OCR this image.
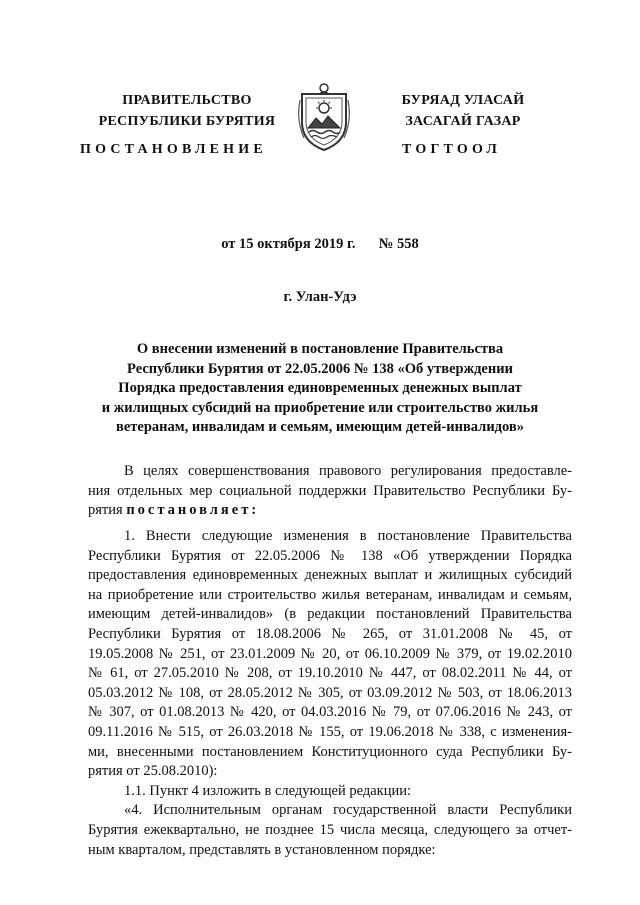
ПРАВИТЕЛЬСТВО
РЕСПУБЛИКИ БУРЯТИЯ
БУРЯАД УЛАСАЙ
ЗАСАГАЙ ГАЗАР
ПОСТАНОВЛЕНИЕ	ТОГТООЛ
от 15 октября 2019 г. № 558
г. Улан-Удэ
О внесении изменений в постановление Правительства
Республики Бурятия от 22.05.2006 № 138 «Об утверждении
Порядка предоставления единовременных денежных выплат
и жилищных субсидий на приобретение или строительство жилья
ветеранам, инвалидам и семьям, имеющим детей-инвалидов»
В целях совершенствования правового регулирования предоставле-
ния отдельных мер социальной поддержки Правительство Республики Бу-
рятия постановляет:
1. Внести следующие изменения в постановление Правительства
Республики Бурятия от 22.05.2006 № 138 «Об утверждении Порядка
предоставления единовременных денежных выплат и жилищных субсидий
на приобретение или строительство жилья ветеранам, инвалидам и семьям,
имеющим детей-инвалидов» (в редакции постановлений Правительства
Республики Бурятия от 18.08.2006 № 265, от 31.01.2008 № 45, от
19.05.2008 № 251, от 23.01.2009 № 20, от 06.10.2009 № 379, от 19.02.2010
№ 61, от 27.05.2010 № 208, от 19.10.2010 № 447, от 08.02.2011 № 44, от
05.03.2012 № 108, от 28.05.2012 № 305, от 03.09.2012 № 503, от 18.06.2013
№ 307, от 01.08.2013 № 420, от 04.03.2016 № 79, от 07.06.2016 № 243, от
09.11.2016 № 515, от 26.03.2018 № 155, от 19.06.2018 № 338, с изменения-
ми, внесенными постановлением Конституционного суда Республики Бу-
рятия от 25.08.2010):
1.1. Пункт 4 изложить в следующей редакции:
«4. Исполнительным органам государственной власти Республики
Бурятия ежеквартально, не позднее 15 числа месяца, следующего за отчет-
ным кварталом, представлять в установленном порядке:
